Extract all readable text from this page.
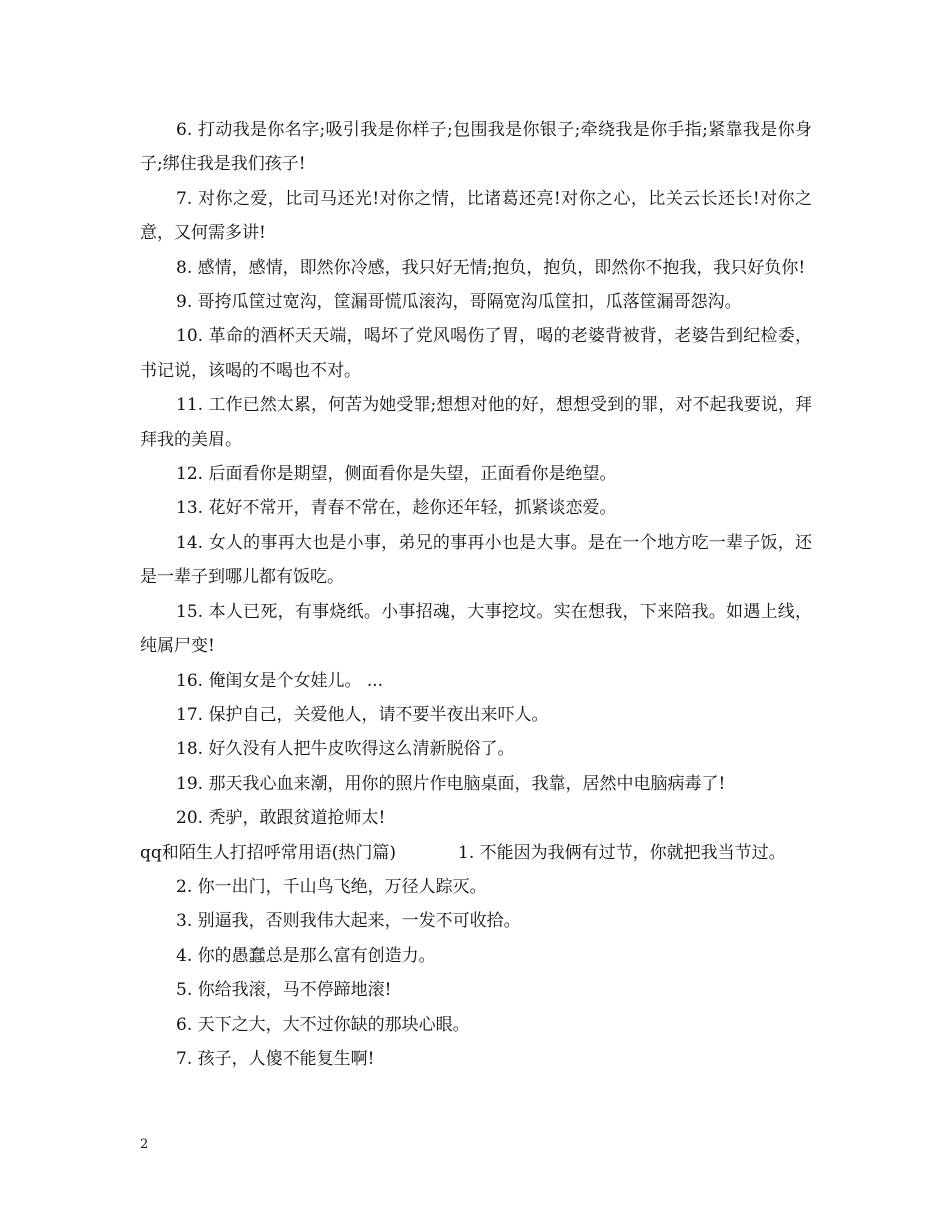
6. 打动我是你名字;吸引我是你样子;包围我是你银子;牵绕我是你手指;紧靠我是你身子;绑住我是我们孩子!

7. 对你之爱，比司马还光!对你之情，比诸葛还亮!对你之心，比关云长还长!对你之意，又何需多讲!

8. 感情，感情，即然你冷感，我只好无情;抱负，抱负，即然你不抱我，我只好负你!

9. 哥挎瓜筐过宽沟，筐漏哥慌瓜滚沟，哥隔宽沟瓜筐扣，瓜落筐漏哥怨沟。

10. 革命的酒杯天天端，喝坏了党风喝伤了胃，喝的老婆背被背，老婆告到纪检委，书记说，该喝的不喝也不对。

11. 工作已然太累，何苦为她受罪;想想对他的好，想想受到的罪，对不起我要说，拜拜我的美眉。

12. 后面看你是期望，侧面看你是失望，正面看你是绝望。

13. 花好不常开，青春不常在，趁你还年轻，抓紧谈恋爱。

14. 女人的事再大也是小事，弟兄的事再小也是大事。是在一个地方吃一辈子饭，还是一辈子到哪儿都有饭吃。

15. 本人已死，有事烧纸。小事招魂，大事挖坟。实在想我，下来陪我。如遇上线，纯属尸变!

16. 俺闺女是个女娃儿。 ...

17. 保护自己，关爱他人，请不要半夜出来吓人。

18. 好久没有人把牛皮吹得这么清新脱俗了。

19. 那天我心血来潮，用你的照片作电脑桌面，我靠，居然中电脑病毒了!

20. 秃驴，敢跟贫道抢师太!

qq和陌生人打招呼常用语(热门篇)	1. 不能因为我俩有过节，你就把我当节过。

2. 你一出门，千山鸟飞绝，万径人踪灭。

3. 别逼我，否则我伟大起来，一发不可收拾。

4. 你的愚蠢总是那么富有创造力。

5. 你给我滚，马不停蹄地滚!

6. 天下之大，大不过你缺的那块心眼。

7. 孩子，人傻不能复生啊!

2
